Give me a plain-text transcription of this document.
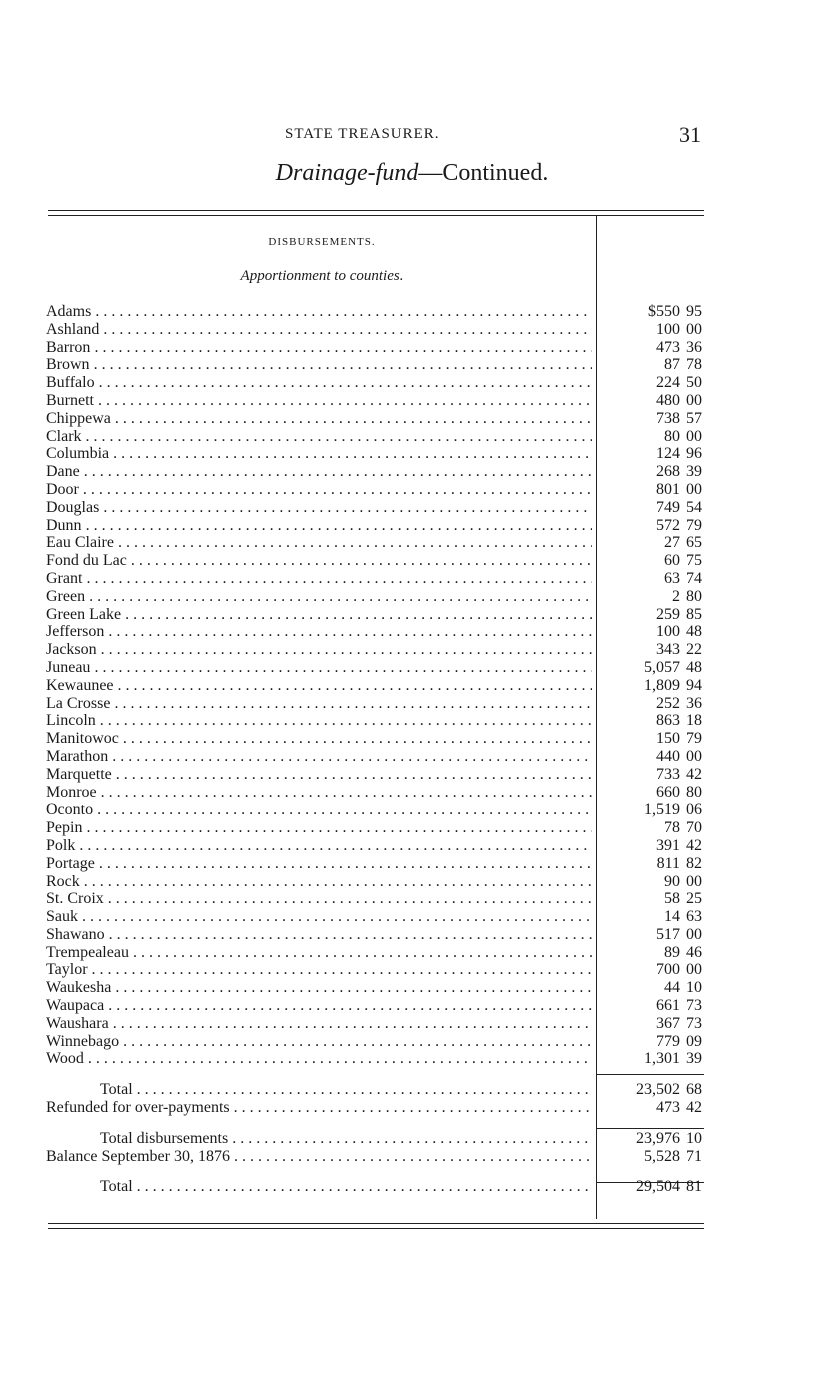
STATE TREASURER.	31
Drainage-fund—Continued.
DISBURSEMENTS.
Apportionment to counties.
Adams . . .	$550 95
Ashland . . .	100 00
Barron . . .	473 36
Brown . . .	87 78
Buffalo . . .	224 50
Burnett . . .	480 00
Chippewa . . .	738 57
Clark . . .	80 00
Columbia . . .	124 96
Dane . . .	268 39
Door . . .	801 00
Douglas . . .	749 54
Dunn . . .	572 79
Eau Claire . . .	27 65
Fond du Lac . . .	60 75
Grant . . .	63 74
Green . . .	2 80
Green Lake . . .	259 85
Jefferson . . .	100 48
Jackson . . .	343 22
Juneau . . .	5,057 48
Kewaunee . . .	1,809 94
La Crosse . . .	252 36
Lincoln . . .	863 18
Manitowoc . . .	150 79
Marathon . . .	440 00
Marquette . . .	733 42
Monroe . . .	660 80
Oconto . . .	1,519 06
Pepin . . .	78 70
Polk . . .	391 42
Portage . . .	811 82
Rock . . .	90 00
St. Croix . . .	58 25
Sauk . . .	14 63
Shawano . . .	517 00
Trempealeau . . .	89 46
Taylor . . .	700 00
Waukesha . . .	44 10
Waupaca . . .	661 73
Waushara . . .	367 73
Winnebago . . .	779 09
Wood . . .	1,301 39
Total . . .	23,502 68
Refunded for over-payments . . .	473 42
Total disbursements . . .	23,976 10
Balance September 30, 1876 . . .	5,528 71
Total . . .	29,504 81
